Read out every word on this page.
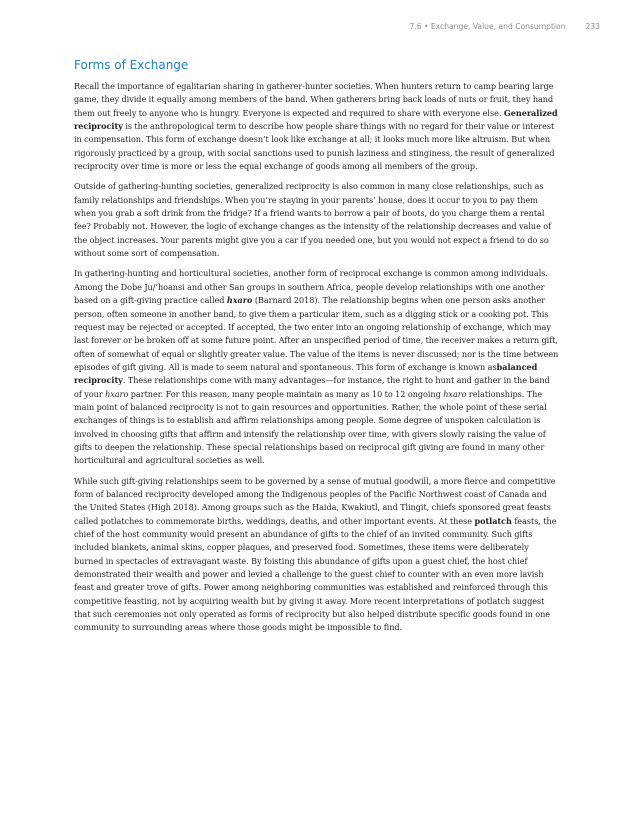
7.6 • Exchange, Value, and Consumption	233
Forms of Exchange

Recall the importance of egalitarian sharing in gatherer-hunter societies. When hunters return to camp bearing large game, they divide it equally among members of the band. When gatherers bring back loads of nuts or fruit, they hand them out freely to anyone who is hungry. Everyone is expected and required to share with everyone else. Generalized reciprocity is the anthropological term to describe how people share things with no regard for their value or interest in compensation. This form of exchange doesn’t look like exchange at all; it looks much more like altruism. But when rigorously practiced by a group, with social sanctions used to punish laziness and stinginess, the result of generalized reciprocity over time is more or less the equal exchange of goods among all members of the group.

Outside of gathering-hunting societies, generalized reciprocity is also common in many close relationships, such as family relationships and friendships. When you’re staying in your parents’ house, does it occur to you to pay them when you grab a soft drink from the fridge? If a friend wants to borrow a pair of boots, do you charge them a rental fee? Probably not. However, the logic of exchange changes as the intensity of the relationship decreases and value of the object increases. Your parents might give you a car if you needed one, but you would not expect a friend to do so without some sort of compensation.

In gathering-hunting and horticultural societies, another form of reciprocal exchange is common among individuals. Among the Dobe Ju/’hoansi and other San groups in southern Africa, people develop relationships with one another based on a gift-giving practice called hxaro (Barnard 2018). The relationship begins when one person asks another person, often someone in another band, to give them a particular item, such as a digging stick or a cooking pot. This request may be rejected or accepted. If accepted, the two enter into an ongoing relationship of exchange, which may last forever or be broken off at some future point. After an unspecified period of time, the receiver makes a return gift, often of somewhat of equal or slightly greater value. The value of the items is never discussed; nor is the time between episodes of gift giving. All is made to seem natural and spontaneous. This form of exchange is known asbalanced reciprocity. These relationships come with many advantages—for instance, the right to hunt and gather in the band of your hxaro partner. For this reason, many people maintain as many as 10 to 12 ongoing hxaro relationships. The main point of balanced reciprocity is not to gain resources and opportunities. Rather, the whole point of these serial exchanges of things is to establish and affirm relationships among people. Some degree of unspoken calculation is involved in choosing gifts that affirm and intensify the relationship over time, with givers slowly raising the value of gifts to deepen the relationship. These special relationships based on reciprocal gift giving are found in many other horticultural and agricultural societies as well.

While such gift-giving relationships seem to be governed by a sense of mutual goodwill, a more fierce and competitive form of balanced reciprocity developed among the Indigenous peoples of the Pacific Northwest coast of Canada and the United States (High 2018). Among groups such as the Haida, Kwakiutl, and Tlingit, chiefs sponsored great feasts called potlatches to commemorate births, weddings, deaths, and other important events. At these potlatch feasts, the chief of the host community would present an abundance of gifts to the chief of an invited community. Such gifts included blankets, animal skins, copper plaques, and preserved food. Sometimes, these items were deliberately burned in spectacles of extravagant waste. By foisting this abundance of gifts upon a guest chief, the host chief demonstrated their wealth and power and levied a challenge to the guest chief to counter with an even more lavish feast and greater trove of gifts. Power among neighboring communities was established and reinforced through this competitive feasting, not by acquiring wealth but by giving it away. More recent interpretations of potlatch suggest that such ceremonies not only operated as forms of reciprocity but also helped distribute specific goods found in one community to surrounding areas where those goods might be impossible to find.
